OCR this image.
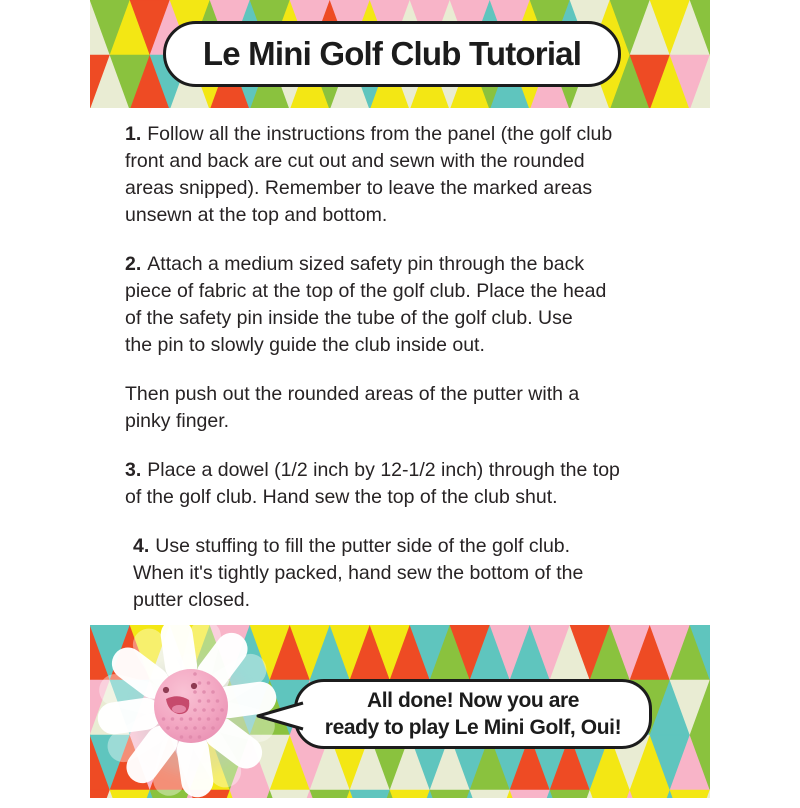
Le Mini Golf Club Tutorial

1. Follow all the instructions from the panel (the golf club
front and back are cut out and sewn with the rounded
areas snipped). Remember to leave the marked areas
unsewn at the top and bottom.

2. Attach a medium sized safety pin through the back
piece of fabric at the top of the golf club. Place the head
of the safety pin inside the tube of the golf club. Use
the pin to slowly guide the club inside out.

Then push out the rounded areas of the putter with a
pinky finger.

3. Place a dowel (1/2 inch by 12-1/2 inch) through the top
of the golf club. Hand sew the top of the club shut.

4. Use stuffing to fill the putter side of the golf club.
When it's tightly packed, hand sew the bottom of the
putter closed.

All done! Now you are
ready to play Le Mini Golf, Oui!
